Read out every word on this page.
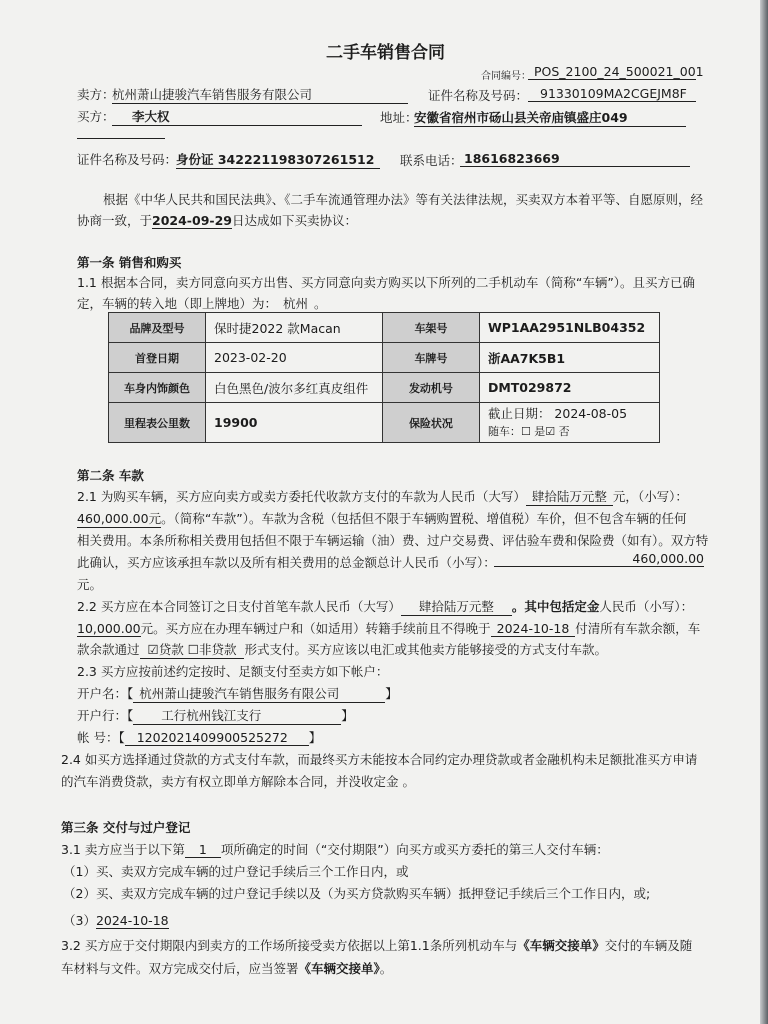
二手车销售合同
合同编号： POS_2100_24_500021_001
卖方：
杭州萧山捷骏汽车销售服务有限公司	证件名称及号码： 91330109MA2CGEJM8F
买方：	李大权	地址：
安徽省宿州市砀山县关帝庙镇盛庄049
证件名称及号码：
身份证 342221198307261512	联系电话： 18616823669
根据《中华人民共和国民法典》、《二手车流通管理办法》等有关法律法规，买卖双方本着平等、自愿原则，经
协商一致，于2024-09-29日达成如下买卖协议：
第一条 销售和购买
1.1 根据本合同，卖方同意向买方出售、买方同意向卖方购买以下所列的二手机动车（简称“车辆”）。且买方已确
定，车辆的转入地（即上牌地）为： 杭州 。
品牌及型号	保时捷2022 款Macan	车架号	WP1AA2951NLB04352
首登日期	2023-02-20	车牌号	浙AA7K5B1
车身内饰颜色	白色黑色/波尔多红真皮组件	发动机号	DMT029872
里程表公里数	19900	保险状况	截止日期： 2024-08-05
随车：☐ 是☑ 否
第二条 车款
2.1 为购买车辆，买方应向卖方或卖方委托代收款方支付的车款为人民币（大写） 肆拾陆万元整 元，（小写）：
460,000.00元。（简称“车款”）。车款为含税（包括但不限于车辆购置税、增值税）车价，但不包含车辆的任何
相关费用。本条所称相关费用包括但不限于车辆运输（油）费、过户交易费、评估验车费和保险费（如有）。双方特
此确认，买方应该承担车款以及所有相关费用的总金额总计人民币（小写）：	460,000.00
元。
2.2 买方应在本合同签订之日支付首笔车款人民币（大写） 肆拾陆万元整 。其中包括定金人民币（小写）：
10,000.00元。买方应在办理车辆过户和（如适用）转籍手续前且不得晚于 2024-10-18 付清所有车款余额，车
款余款通过 ☑贷款 ☐非贷款 形式支付。买方应该以电汇或其他卖方能够接受的方式支付车款。
2.3 买方应按前述约定按时、足额支付至卖方如下帐户：
开户名：【 杭州萧山捷骏汽车销售服务有限公司	】
开户行：【 工行杭州钱江支行	】
帐 号：【 1202021409900525272 】
2.4 如买方选择通过贷款的方式支付车款，而最终买方未能按本合同约定办理贷款或者金融机构未足额批准买方申请
的汽车消费贷款，卖方有权立即单方解除本合同，并没收定金 。
第三条 交付与过户登记
3.1 卖方应当于以下第 1 项所确定的时间（“交付期限”）向买方或买方委托的第三人交付车辆：
（1）买、卖双方完成车辆的过户登记手续后三个工作日内，或
（2）买、卖双方完成车辆的过户登记手续以及（为买方贷款购买车辆）抵押登记手续后三个工作日内，或;
（3）2024-10-18
3.2 买方应于交付期限内到卖方的工作场所接受卖方依据以上第1.1条所列机动车与《车辆交接单》交付的车辆及随
车材料与文件。双方完成交付后，应当签署《车辆交接单》。
